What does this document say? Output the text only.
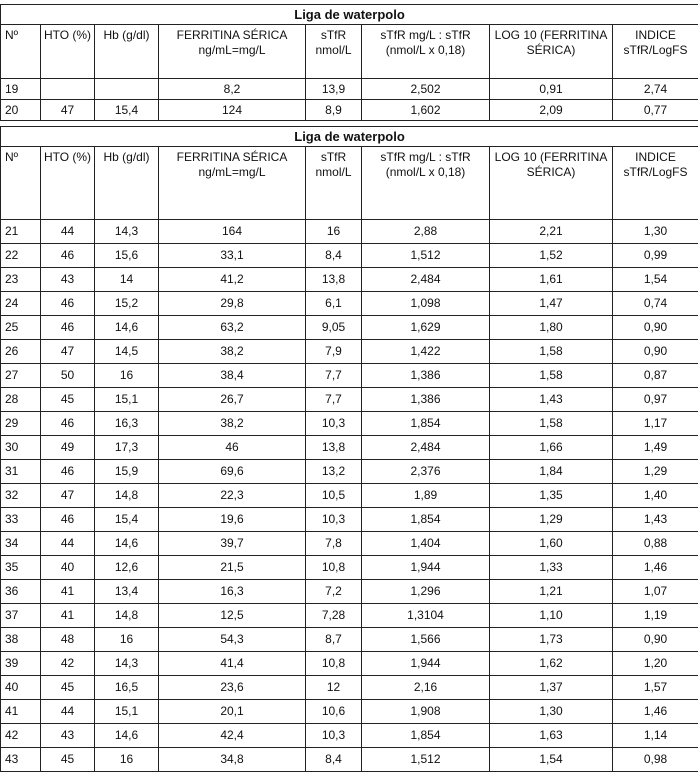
Liga de waterpolo							
Nº	HTO (%)	Hb (g/dl)	FERRITINA SÉRICA ng/mL=mg/L	sTfR nmol/L	sTfR mg/L : sTfR (nmol/L x 0,18)	LOG 10 (FERRITINA SÉRICA)	INDICE sTfR/LogFS
19			8,2	13,9	2,502	0,91	2,74
20	47	15,4	124	8,9	1,602	2,09	0,77
Liga de waterpolo							
Nº	HTO (%)	Hb (g/dl)	FERRITINA SÉRICA ng/mL=mg/L	sTfR nmol/L	sTfR mg/L : sTfR (nmol/L x 0,18)	LOG 10 (FERRITINA SÉRICA)	INDICE sTfR/LogFS
21	44	14,3	164	16	2,88	2,21	1,30
22	46	15,6	33,1	8,4	1,512	1,52	0,99
23	43	14	41,2	13,8	2,484	1,61	1,54
24	46	15,2	29,8	6,1	1,098	1,47	0,74
25	46	14,6	63,2	9,05	1,629	1,80	0,90
26	47	14,5	38,2	7,9	1,422	1,58	0,90
27	50	16	38,4	7,7	1,386	1,58	0,87
28	45	15,1	26,7	7,7	1,386	1,43	0,97
29	46	16,3	38,2	10,3	1,854	1,58	1,17
30	49	17,3	46	13,8	2,484	1,66	1,49
31	46	15,9	69,6	13,2	2,376	1,84	1,29
32	47	14,8	22,3	10,5	1,89	1,35	1,40
33	46	15,4	19,6	10,3	1,854	1,29	1,43
34	44	14,6	39,7	7,8	1,404	1,60	0,88
35	40	12,6	21,5	10,8	1,944	1,33	1,46
36	41	13,4	16,3	7,2	1,296	1,21	1,07
37	41	14,8	12,5	7,28	1,3104	1,10	1,19
38	48	16	54,3	8,7	1,566	1,73	0,90
39	42	14,3	41,4	10,8	1,944	1,62	1,20
40	45	16,5	23,6	12	2,16	1,37	1,57
41	44	15,1	20,1	10,6	1,908	1,30	1,46
42	43	14,6	42,4	10,3	1,854	1,63	1,14
43	45	16	34,8	8,4	1,512	1,54	0,98
